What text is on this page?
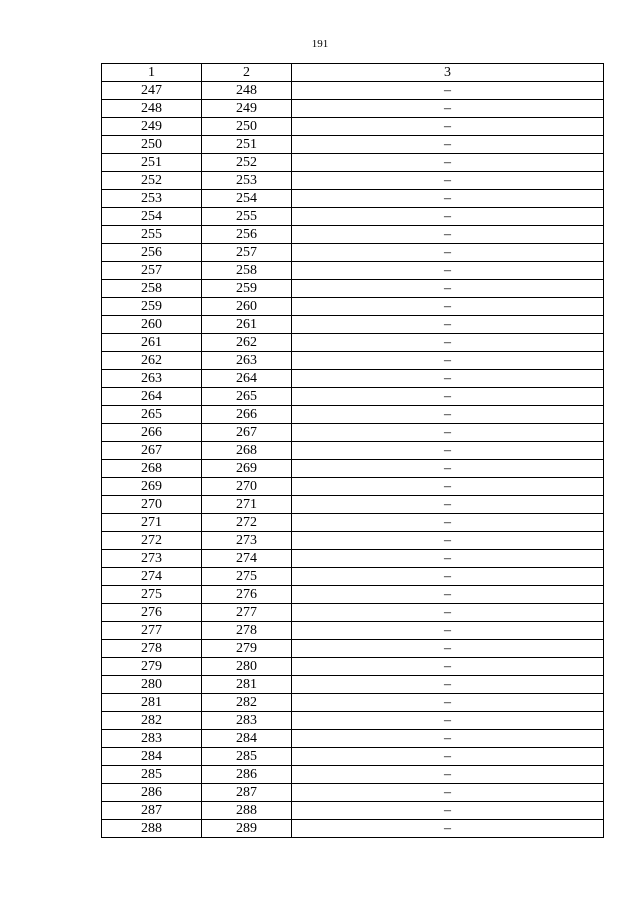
191
1	2	3
247	248	–
248	249	–
249	250	–
250	251	–
251	252	–
252	253	–
253	254	–
254	255	–
255	256	–
256	257	–
257	258	–
258	259	–
259	260	–
260	261	–
261	262	–
262	263	–
263	264	–
264	265	–
265	266	–
266	267	–
267	268	–
268	269	–
269	270	–
270	271	–
271	272	–
272	273	–
273	274	–
274	275	–
275	276	–
276	277	–
277	278	–
278	279	–
279	280	–
280	281	–
281	282	–
282	283	–
283	284	–
284	285	–
285	286	–
286	287	–
287	288	–
288	289	–
